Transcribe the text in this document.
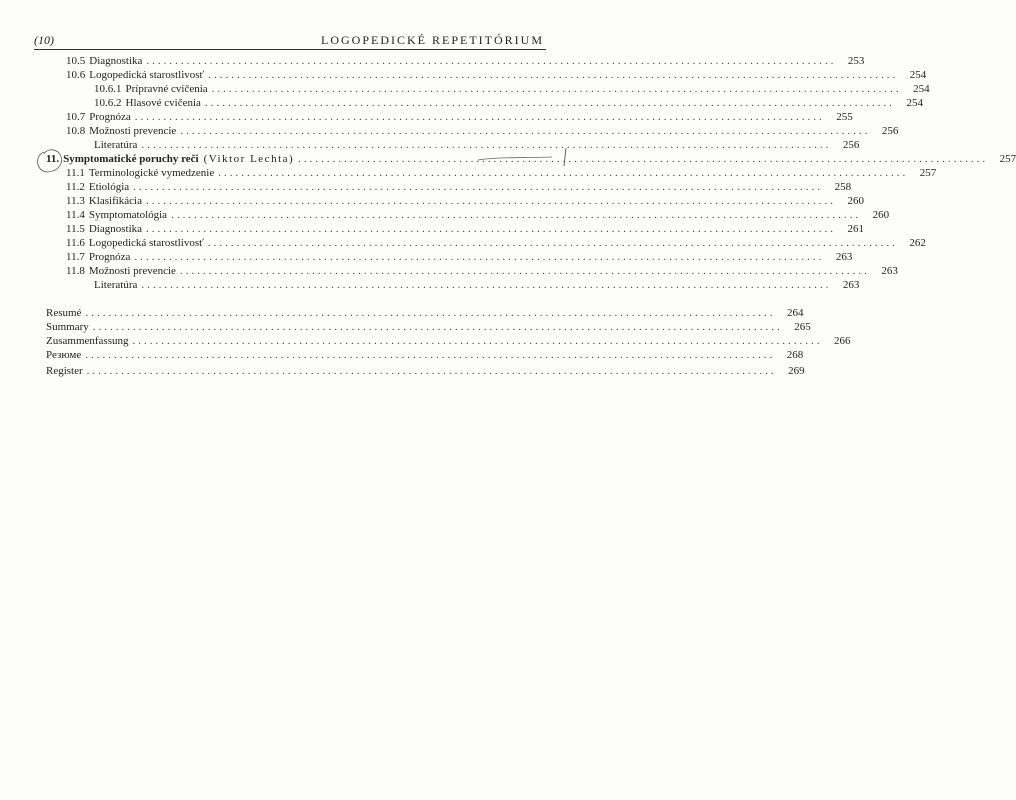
(10)	LOGOPEDICKÉ REPETITÓRIUM
10.5 Diagnostika ........................................................................................................................	253
10.6 Logopedická starostlivosť ........................................................................................................................	254
10.6.1 Prípravné cvičenia ........................................................................................................................	254
10.6.2 Hlasové cvičenia ........................................................................................................................	254
10.7 Prognóza ........................................................................................................................	255
10.8 Možnosti prevencie ........................................................................................................................	256
Literatúra ........................................................................................................................	256
11. Symptomatické poruchy reči (Viktor Lechta) ........................................................................................................................	257
11.1 Terminologické vymedzenie ........................................................................................................................	257
11.2 Etiológia ........................................................................................................................	258
11.3 Klasifikácia ........................................................................................................................	260
11.4 Symptomatológia ........................................................................................................................	260
11.5 Diagnostika ........................................................................................................................	261
11.6 Logopedická starostlivosť ........................................................................................................................	262
11.7 Prognóza ........................................................................................................................	263
11.8 Možnosti prevencie ........................................................................................................................	263
Literatúra ........................................................................................................................	263
Resumé ........................................................................................................................	264
Summary ........................................................................................................................	265
Zusammenfassung ........................................................................................................................	266
Резюме ........................................................................................................................	268
Register ........................................................................................................................	269
